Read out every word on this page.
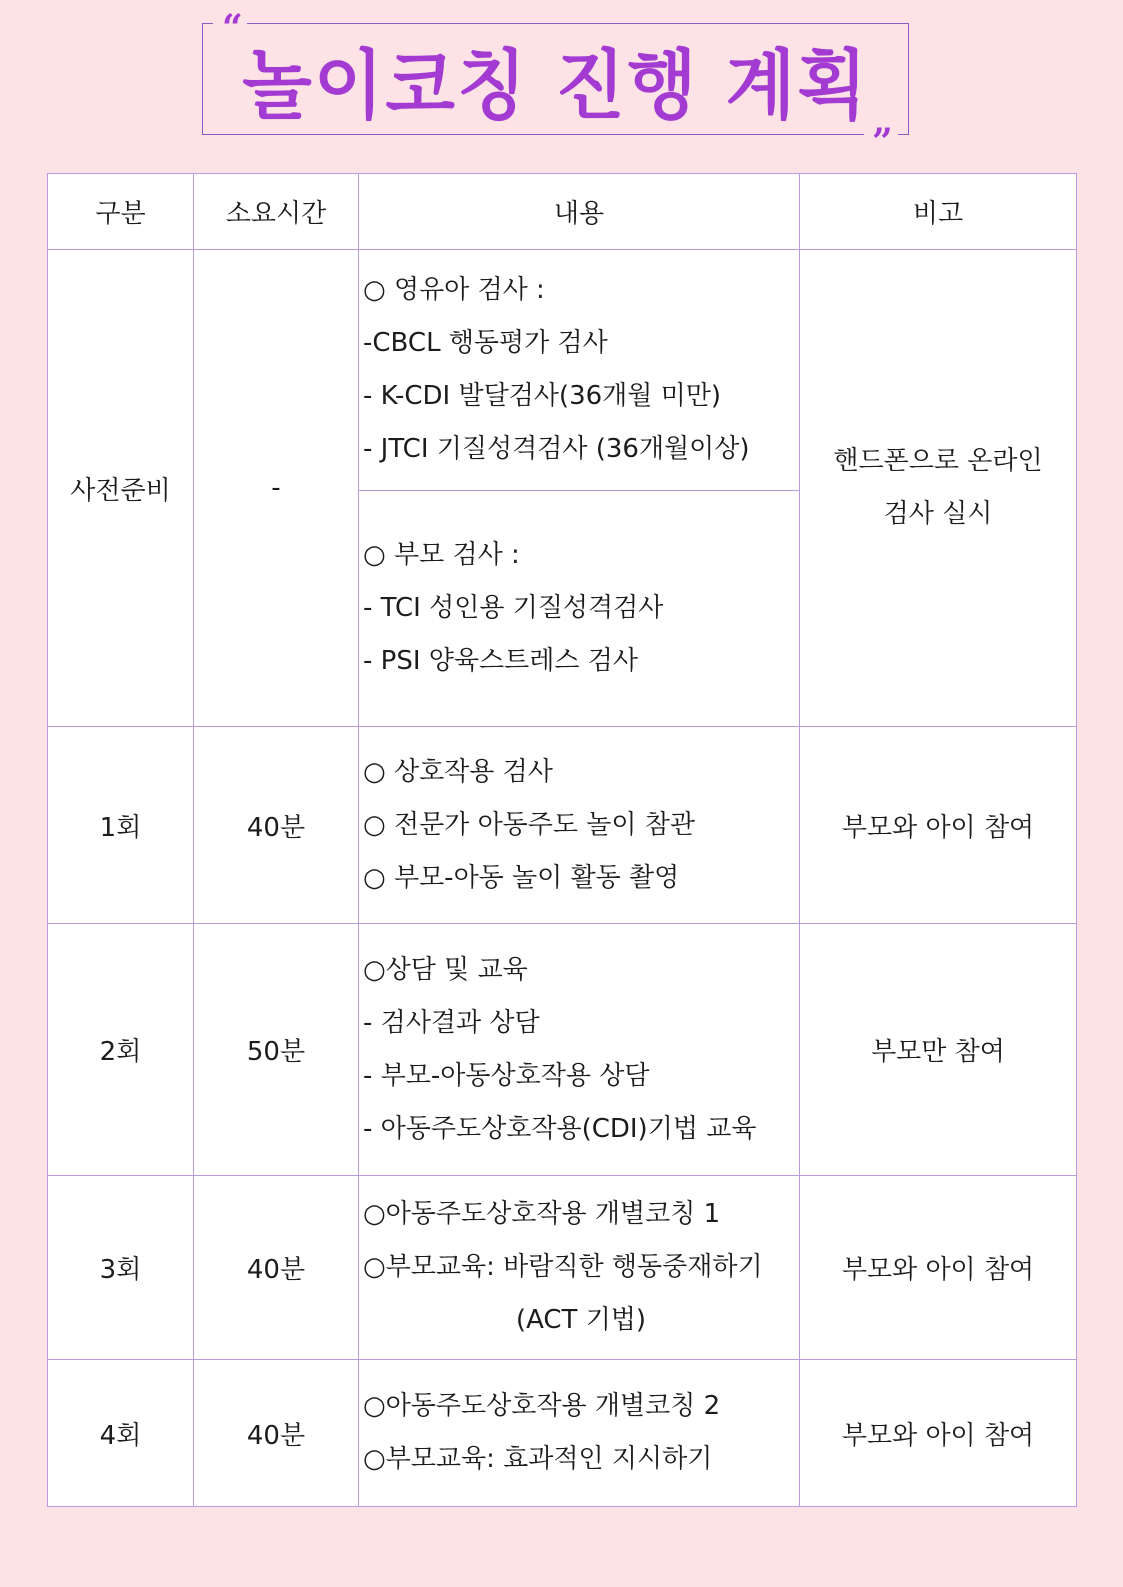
“
”
놀이코칭 진행 계획
구분	소요시간	내용	비고
사전준비	-	○ 영유아 검사 :
-CBCL 행동평가 검사
- K-CDI 발달검사(36개월 미만)
- JTCI 기질성격검사 (36개월이상)	핸드폰으로 온라인
검사 실시

		○ 부모 검사 :
- TCI 성인용 기질성격검사
- PSI 양육스트레스 검사	

1회	40분	○ 상호작용 검사
○ 전문가 아동주도 놀이 참관
○ 부모-아동 놀이 활동 촬영	부모와 아이 참여
2회	50분	○상담 및 교육
- 검사결과 상담
- 부모-아동상호작용 상담
- 아동주도상호작용(CDI)기법 교육	부모만 참여
3회	40분	○아동주도상호작용 개별코칭 1
○부모교육: 바람직한 행동중재하기
(ACT 기법)	부모와 아이 참여
4회	40분	○아동주도상호작용 개별코칭 2
○부모교육: 효과적인 지시하기	부모와 아이 참여
